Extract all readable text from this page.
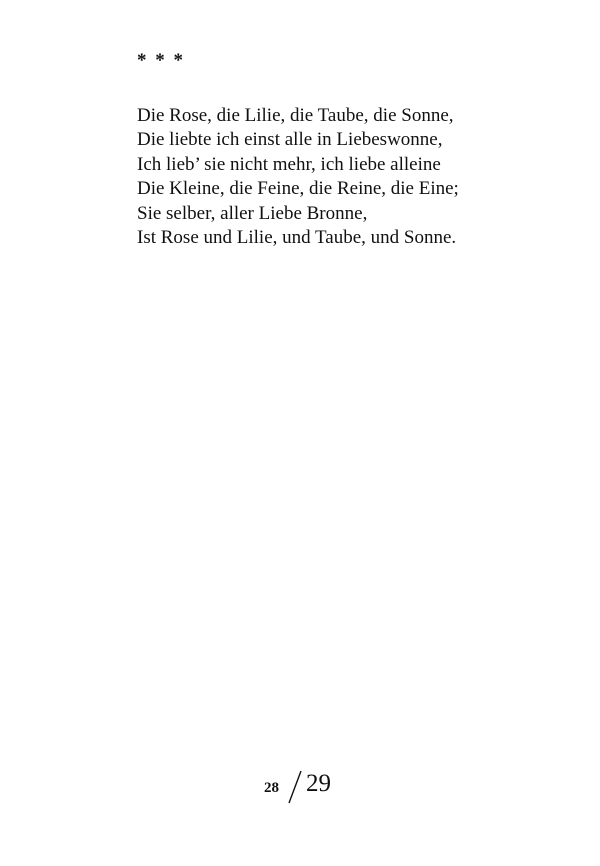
* * *
Die Rose, die Lilie, die Taube, die Sonne,
Die liebte ich einst alle in Liebeswonne,
Ich lieb’ sie nicht mehr, ich liebe alleine
Die Kleine, die Feine, die Reine, die Eine;
Sie selber, aller Liebe Bronne,
Ist Rose und Lilie, und Taube, und Sonne.
28 29
